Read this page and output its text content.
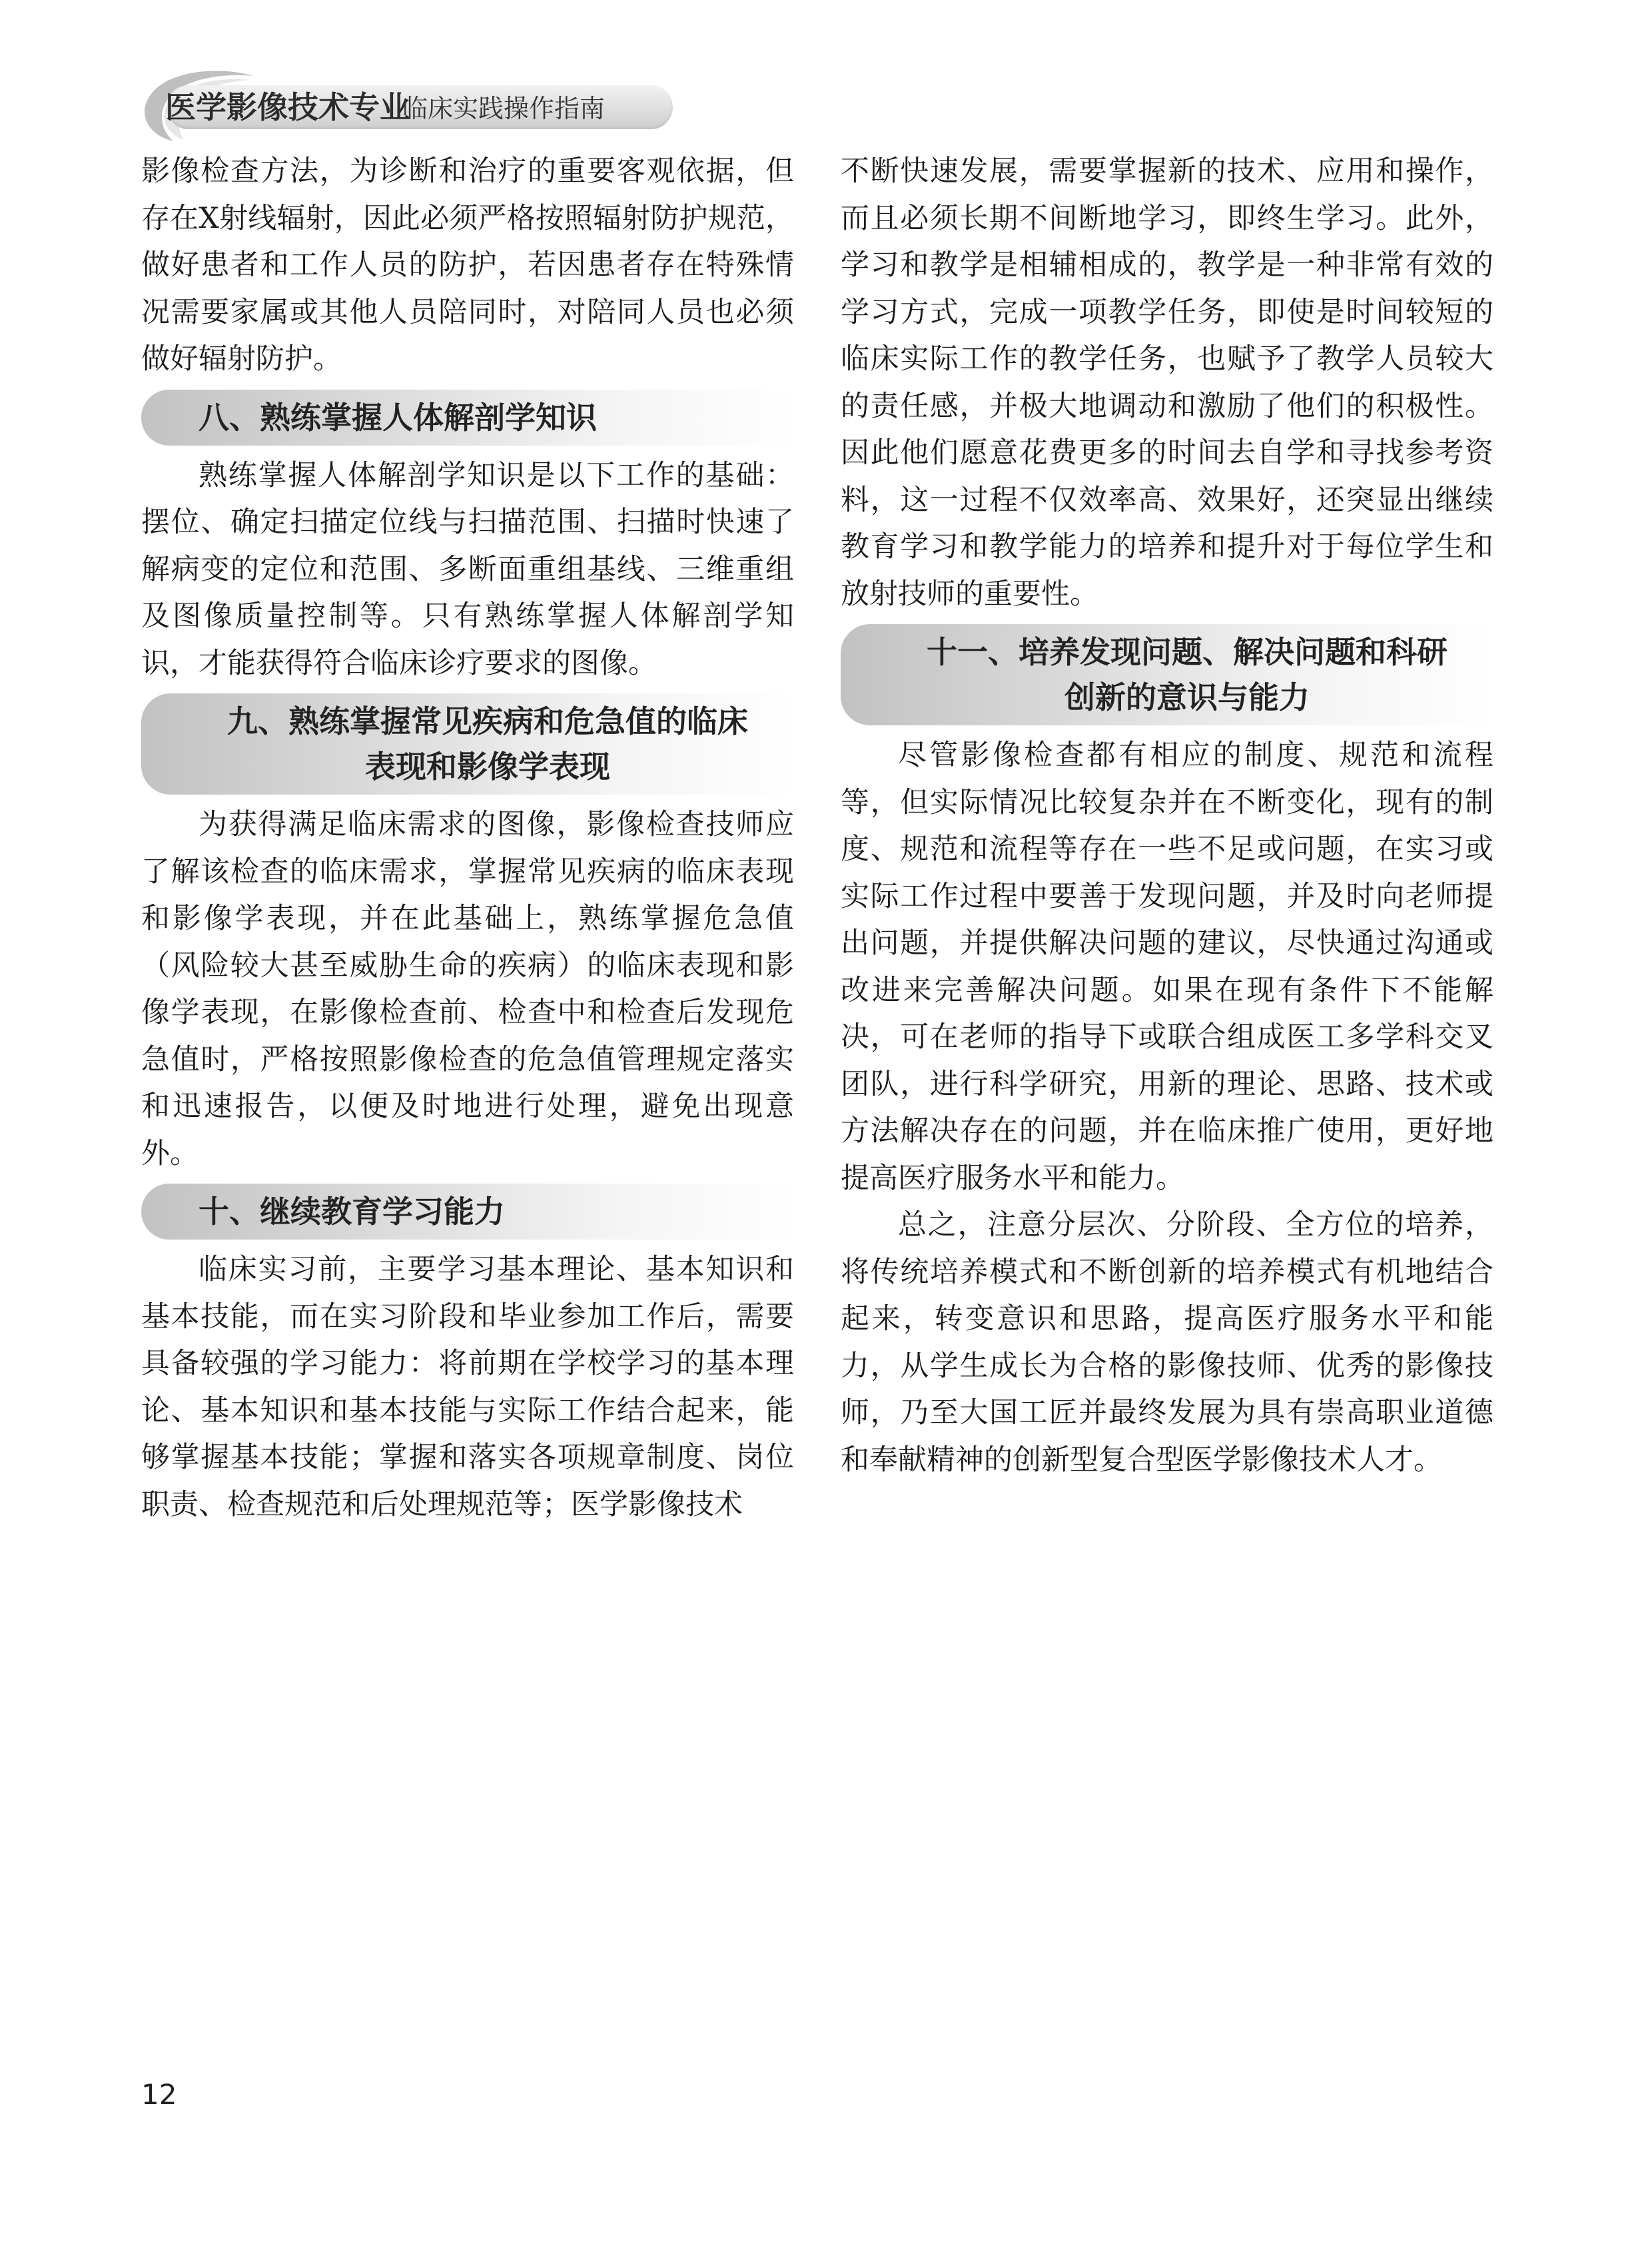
医学影像技术专业
临床实践操作指南

影像检查方法，为诊断和治疗的重要客观依据，但存在X射线辐射，因此必须严格按照辐射防护规范，做好患者和工作人员的防护，若因患者存在特殊情况需要家属或其他人员陪同时，对陪同人员也必须做好辐射防护。

八、熟练掌握人体解剖学知识

熟练掌握人体解剖学知识是以下工作的基础：摆位、确定扫描定位线与扫描范围、扫描时快速了解病变的定位和范围、多断面重组基线、三维重组及图像质量控制等。只有熟练掌握人体解剖学知识，才能获得符合临床诊疗要求的图像。

九、熟练掌握常见疾病和危急值的临床
表现和影像学表现

为获得满足临床需求的图像，影像检查技师应了解该检查的临床需求，掌握常见疾病的临床表现和影像学表现，并在此基础上，熟练掌握危急值（风险较大甚至威胁生命的疾病）的临床表现和影像学表现，在影像检查前、检查中和检查后发现危急值时，严格按照影像检查的危急值管理规定落实和迅速报告，以便及时地进行处理，避免出现意外。

十、继续教育学习能力

临床实习前，主要学习基本理论、基本知识和基本技能，而在实习阶段和毕业参加工作后，需要具备较强的学习能力：将前期在学校学习的基本理论、基本知识和基本技能与实际工作结合起来，能够掌握基本技能；掌握和落实各项规章制度、岗位职责、检查规范和后处理规范等；医学影像技术

不断快速发展，需要掌握新的技术、应用和操作，而且必须长期不间断地学习，即终生学习。此外，学习和教学是相辅相成的，教学是一种非常有效的学习方式，完成一项教学任务，即使是时间较短的临床实际工作的教学任务，也赋予了教学人员较大的责任感，并极大地调动和激励了他们的积极性。因此他们愿意花费更多的时间去自学和寻找参考资料，这一过程不仅效率高、效果好，还突显出继续教育学习和教学能力的培养和提升对于每位学生和放射技师的重要性。

十一、培养发现问题、解决问题和科研
创新的意识与能力

尽管影像检查都有相应的制度、规范和流程等，但实际情况比较复杂并在不断变化，现有的制度、规范和流程等存在一些不足或问题，在实习或实际工作过程中要善于发现问题，并及时向老师提出问题，并提供解决问题的建议，尽快通过沟通或改进来完善解决问题。如果在现有条件下不能解决，可在老师的指导下或联合组成医工多学科交叉团队，进行科学研究，用新的理论、思路、技术或方法解决存在的问题，并在临床推广使用，更好地提高医疗服务水平和能力。

总之，注意分层次、分阶段、全方位的培养，将传统培养模式和不断创新的培养模式有机地结合起来，转变意识和思路，提高医疗服务水平和能力，从学生成长为合格的影像技师、优秀的影像技师，乃至大国工匠并最终发展为具有崇高职业道德和奉献精神的创新型复合型医学影像技术人才。

12
